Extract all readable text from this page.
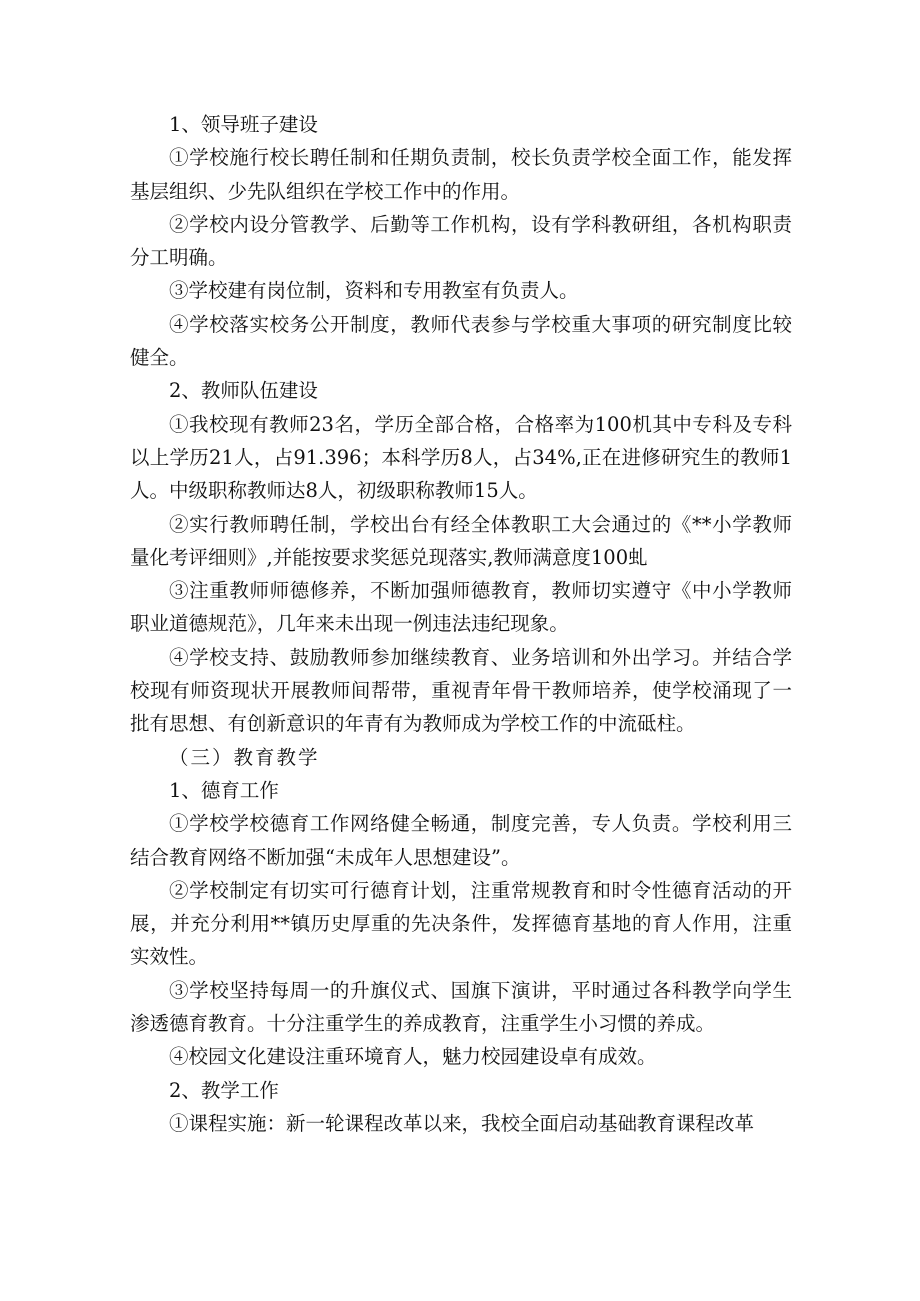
1、领导班子建设

①学校施行校长聘任制和任期负责制，校长负责学校全面工作，能发挥基层组织、少先队组织在学校工作中的作用。

②学校内设分管教学、后勤等工作机构，设有学科教研组，各机构职责分工明确。

③学校建有岗位制，资料和专用教室有负责人。

④学校落实校务公开制度，教师代表参与学校重大事项的研究制度比较健全。

2、教师队伍建设

①我校现有教师23名，学历全部合格，合格率为100机其中专科及专科以上学历21人，占91.396；本科学历8人，占34%,正在进修研究生的教师1人。中级职称教师达8人，初级职称教师15人。

②实行教师聘任制，学校出台有经全体教职工大会通过的《**小学教师量化考评细则》,并能按要求奖惩兑现落实,教师满意度100虬

③注重教师师德修养，不断加强师德教育，教师切实遵守《中小学教师职业道德规范》，几年来未出现一例违法违纪现象。

④学校支持、鼓励教师参加继续教育、业务培训和外出学习。并结合学校现有师资现状开展教师间帮带，重视青年骨干教师培养，使学校涌现了一批有思想、有创新意识的年青有为教师成为学校工作的中流砥柱。

（三）教育教学

1、德育工作

①学校学校德育工作网络健全畅通，制度完善，专人负责。学校利用三结合教育网络不断加强“未成年人思想建设”。

②学校制定有切实可行德育计划，注重常规教育和时令性德育活动的开展，并充分利用**镇历史厚重的先决条件，发挥德育基地的育人作用，注重实效性。

③学校坚持每周一的升旗仪式、国旗下演讲，平时通过各科教学向学生渗透德育教育。十分注重学生的养成教育，注重学生小习惯的养成。

④校园文化建设注重环境育人，魅力校园建设卓有成效。

2、教学工作

①课程实施：新一轮课程改革以来，我校全面启动基础教育课程改革
